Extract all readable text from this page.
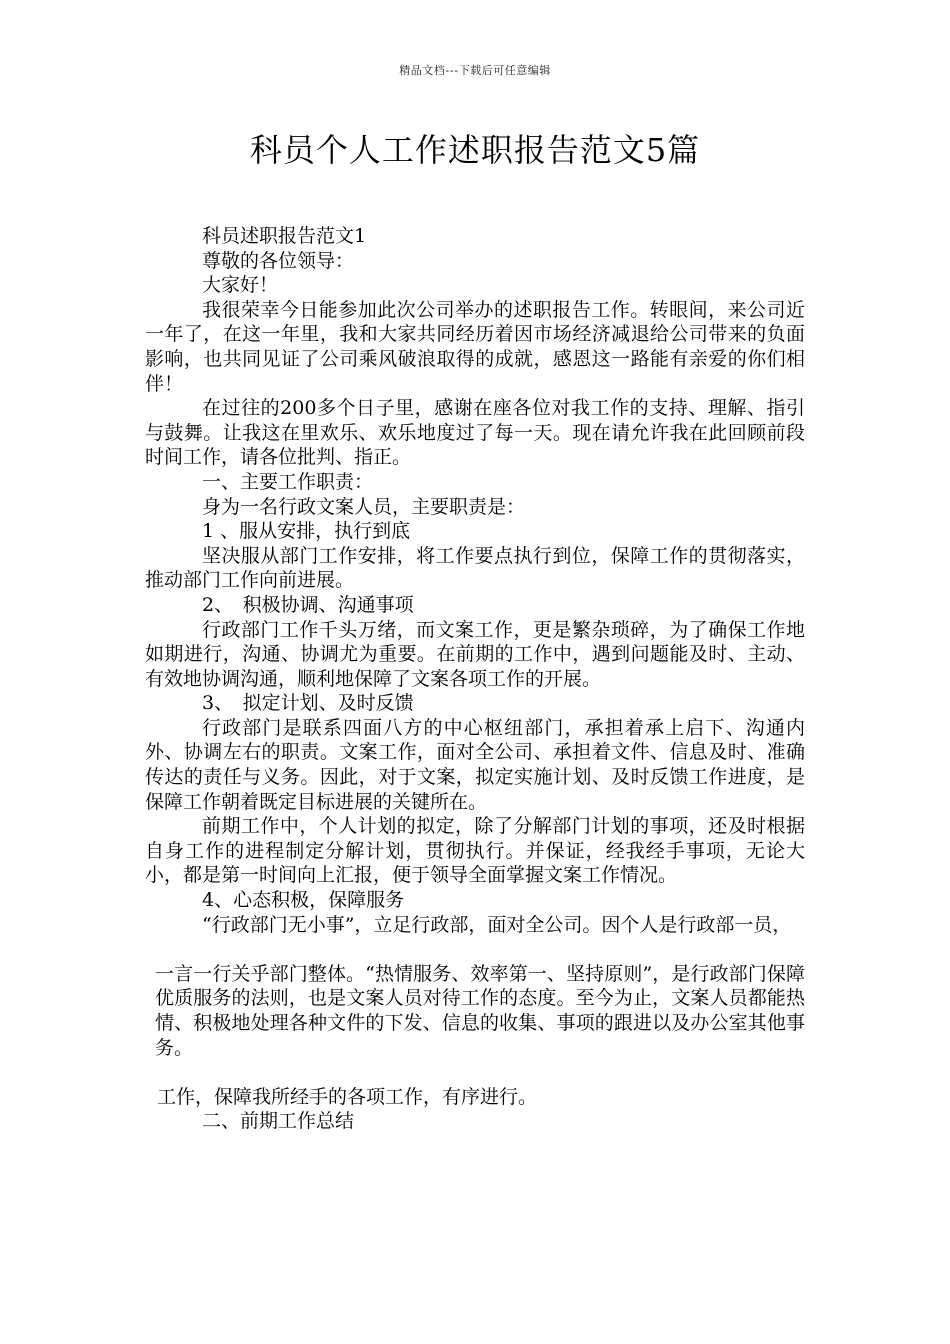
精品文档---下载后可任意编辑
科员个人工作述职报告范文5篇

科员述职报告范文1

尊敬的各位领导：

大家好！

我很荣幸今日能参加此次公司举办的述职报告工作。转眼间，来公司近一年了，在这一年里，我和大家共同经历着因市场经济减退给公司带来的负面影响，也共同见证了公司乘风破浪取得的成就，感恩这一路能有亲爱的你们相伴！

在过往的200多个日子里，感谢在座各位对我工作的支持、理解、指引与鼓舞。让我这在里欢乐、欢乐地度过了每一天。现在请允许我在此回顾前段时间工作，请各位批判、指正。

一、主要工作职责：

身为一名行政文案人员，主要职责是：

1 、服从安排，执行到底

坚决服从部门工作安排，将工作要点执行到位，保障工作的贯彻落实，推动部门工作向前进展。

2、　积极协调、沟通事项

行政部门工作千头万绪，而文案工作，更是繁杂琐碎，为了确保工作地如期进行，沟通、协调尤为重要。在前期的工作中，遇到问题能及时、主动、有效地协调沟通，顺利地保障了文案各项工作的开展。

3、　拟定计划、及时反馈

行政部门是联系四面八方的中心枢纽部门，承担着承上启下、沟通内外、协调左右的职责。文案工作，面对全公司、承担着文件、信息及时、准确传达的责任与义务。因此，对于文案，拟定实施计划、及时反馈工作进度，是保障工作朝着既定目标进展的关键所在。

前期工作中，个人计划的拟定，除了分解部门计划的事项，还及时根据自身工作的进程制定分解计划，贯彻执行。并保证，经我经手事项，无论大小，都是第一时间向上汇报，便于领导全面掌握文案工作情况。

4、心态积极，保障服务

“行政部门无小事”，立足行政部，面对全公司。因个人是行政部一员，

一言一行关乎部门整体。“热情服务、效率第一、坚持原则”，是行政部门保障优质服务的法则，也是文案人员对待工作的态度。至今为止，文案人员都能热情、积极地处理各种文件的下发、信息的收集、事项的跟进以及办公室其他事务。

工作，保障我所经手的各项工作，有序进行。

二、前期工作总结
